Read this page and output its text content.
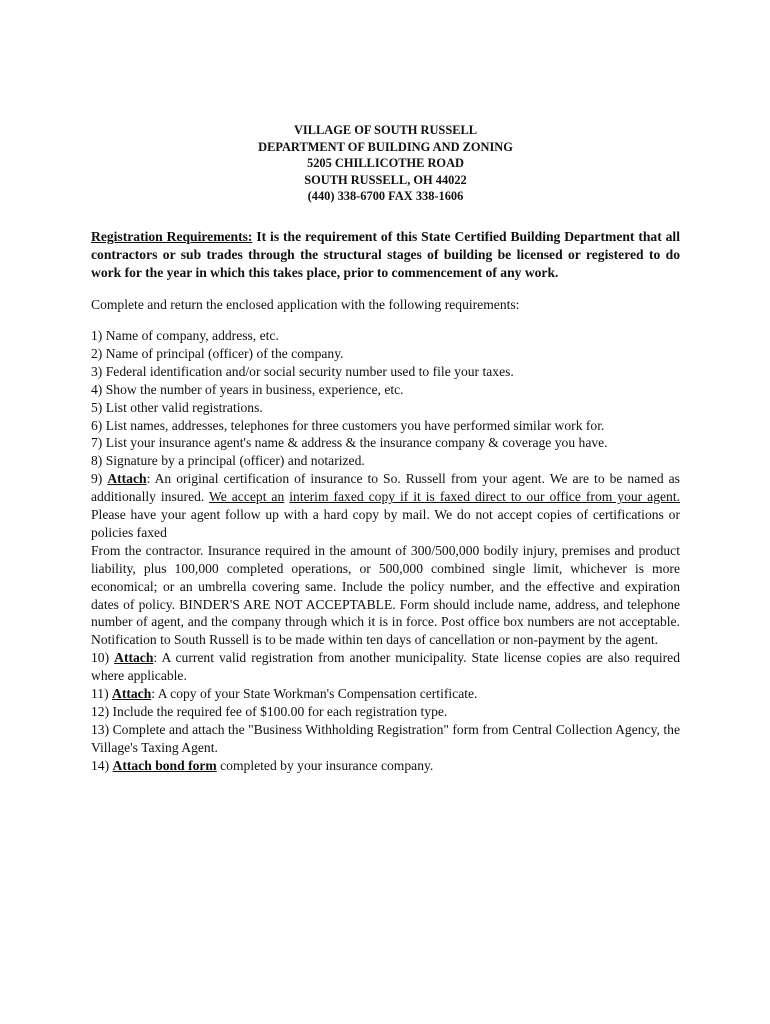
VILLAGE OF SOUTH RUSSELL
DEPARTMENT OF BUILDING AND ZONING
5205 CHILLICOTHE ROAD
SOUTH RUSSELL, OH 44022
(440) 338-6700 FAX 338-1606
Registration Requirements: It is the requirement of this State Certified Building Department that all contractors or sub trades through the structural stages of building be licensed or registered to do work for the year in which this takes place, prior to commencement of any work.
Complete and return the enclosed application with the following requirements:
1) Name of company, address, etc.
2) Name of principal (officer) of the company.
3) Federal identification and/or social security number used to file your taxes.
4) Show the number of years in business, experience, etc.
5) List other valid registrations.
6) List names, addresses, telephones for three customers you have performed similar work for.
7) List your insurance agent's name & address & the insurance company & coverage you have.
8) Signature by a principal (officer) and notarized.
9) Attach: An original certification of insurance to So. Russell from your agent. We are to be named as additionally insured. We accept an interim faxed copy if it is faxed direct to our office from your agent. Please have your agent follow up with a hard copy by mail. We do not accept copies of certifications or policies faxed
From the contractor. Insurance required in the amount of 300/500,000 bodily injury, premises and product liability, plus 100,000 completed operations, or 500,000 combined single limit, whichever is more economical; or an umbrella covering same. Include the policy number, and the effective and expiration dates of policy. BINDER'S ARE NOT ACCEPTABLE. Form should include name, address, and telephone number of agent, and the company through which it is in force. Post office box numbers are not acceptable. Notification to South Russell is to be made within ten days of cancellation or non-payment by the agent.
10) Attach: A current valid registration from another municipality. State license copies are also required where applicable.
11) Attach: A copy of your State Workman's Compensation certificate.
12) Include the required fee of $100.00 for each registration type.
13) Complete and attach the "Business Withholding Registration" form from Central Collection Agency, the Village's Taxing Agent.
14) Attach bond form completed by your insurance company.
